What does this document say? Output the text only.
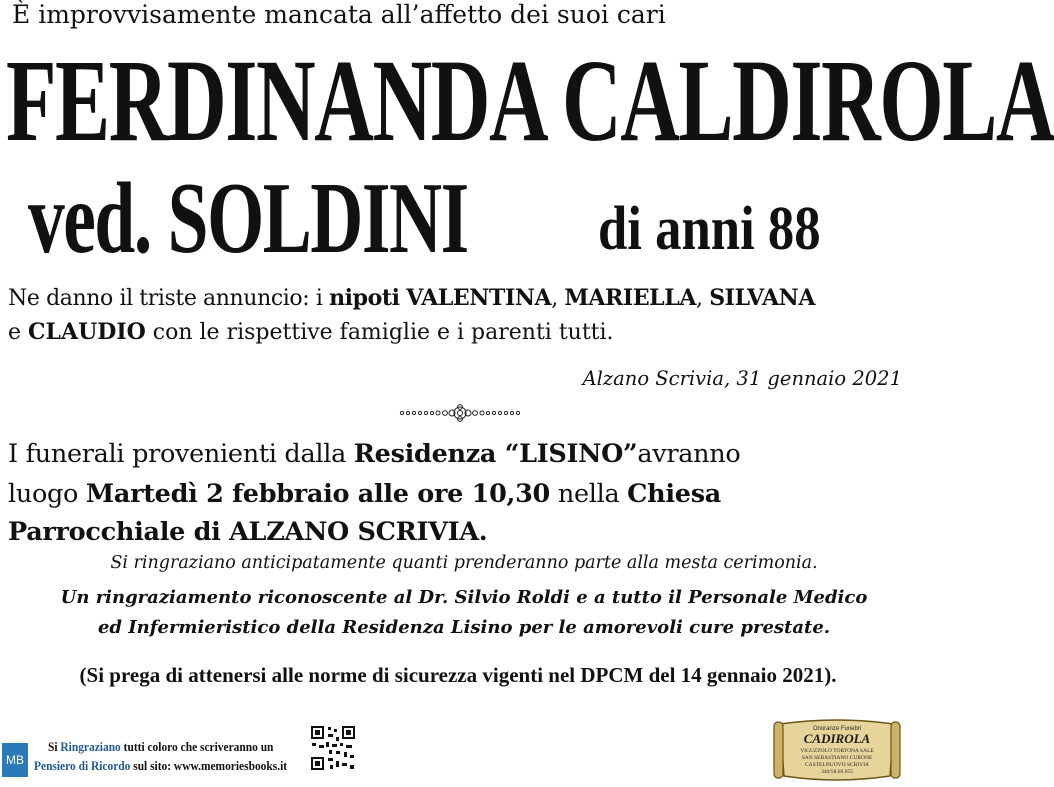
È improvvisamente mancata all’affetto dei suoi cari
FERDINANDA CALDIROLA
ved. SOLDINI di anni 88
Ne danno il triste annuncio: i nipoti VALENTINA, MARIELLA, SILVANA
e CLAUDIO con le rispettive famiglie e i parenti tutti.
Alzano Scrivia, 31 gennaio 2021
I funerali provenienti dalla Residenza “LISINO”avranno
luogo Martedì 2 febbraio alle ore 10,30 nella Chiesa
Parrocchiale di ALZANO SCRIVIA.
Si ringraziano anticipatamente quanti prenderanno parte alla mesta cerimonia.
Un ringraziamento riconoscente al Dr. Silvio Roldi e a tutto il Personale Medico
ed Infermieristico della Residenza Lisino per le amorevoli cure prestate.
(Si prega di attenersi alle norme di sicurezza vigenti nel DPCM del 14 gennaio 2021).
MB
Si Ringraziano tutti coloro che scriveranno un
Pensiero di Ricordo sul sito: www.memoriesbooks.it
Onoranze Funebri
CADIROLA
VIGUZZOLO TORTONA SALE
SAN SEBASTIANO CURONE
CASTELNUOVO SCRIVIA
340/58.69.655
